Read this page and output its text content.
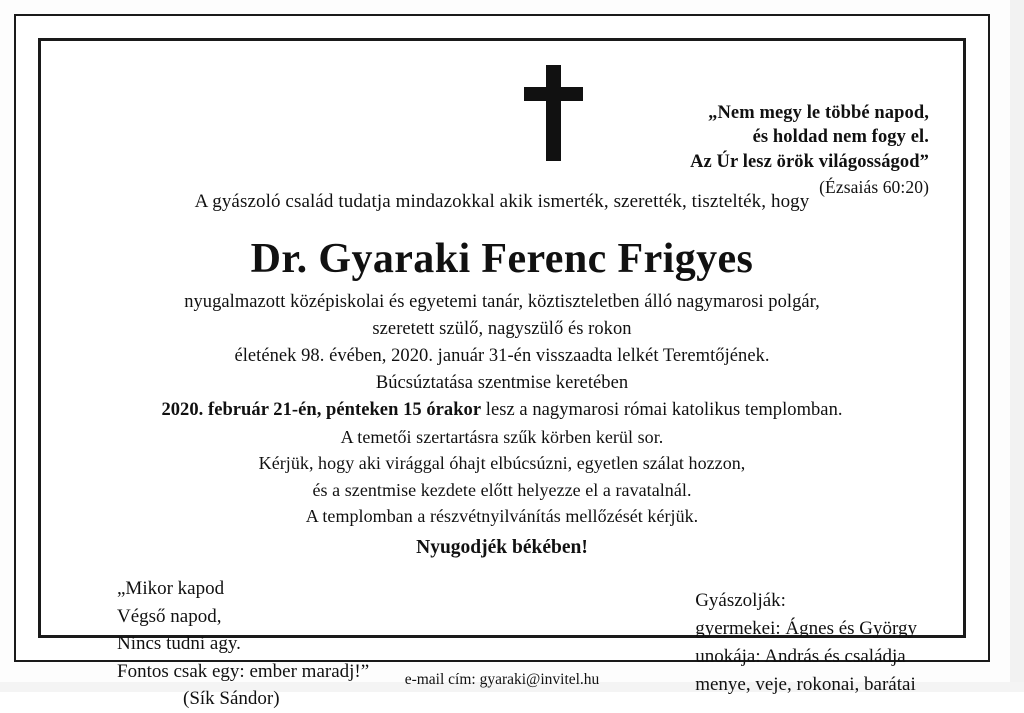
„Nem megy le többé napod,
és holdad nem fogy el.
Az Úr lesz örök világosságod”
(Ézsaiás 60:20)
A gyászoló család tudatja mindazokkal akik ismerték, szerették, tisztelték, hogy
Dr. Gyaraki Ferenc Frigyes
nyugalmazott középiskolai és egyetemi tanár, köztiszteletben álló nagymarosi polgár,
szeretett szülő, nagyszülő és rokon
életének 98. évében, 2020. január 31-én visszaadta lelkét Teremtőjének.
Búcsúztatása szentmise keretében
2020. február 21-én, pénteken 15 órakor lesz a nagymarosi római katolikus templomban.
A temetői szertartásra szűk körben kerül sor.
Kérjük, hogy aki virággal óhajt elbúcsúzni, egyetlen szálat hozzon,
és a szentmise kezdete előtt helyezze el a ravatalnál.
A templomban a részvétnyilvánítás mellőzését kérjük.
Nyugodjék békében!
„Mikor kapod
Végső napod,
Nincs tudni agy.
Fontos csak egy: ember maradj!”
(Sík Sándor)
Gyászolják:
gyermekei: Ágnes és György
unokája: András és családja
menye, veje, rokonai, barátai
e-mail cím: gyaraki@invitel.hu
